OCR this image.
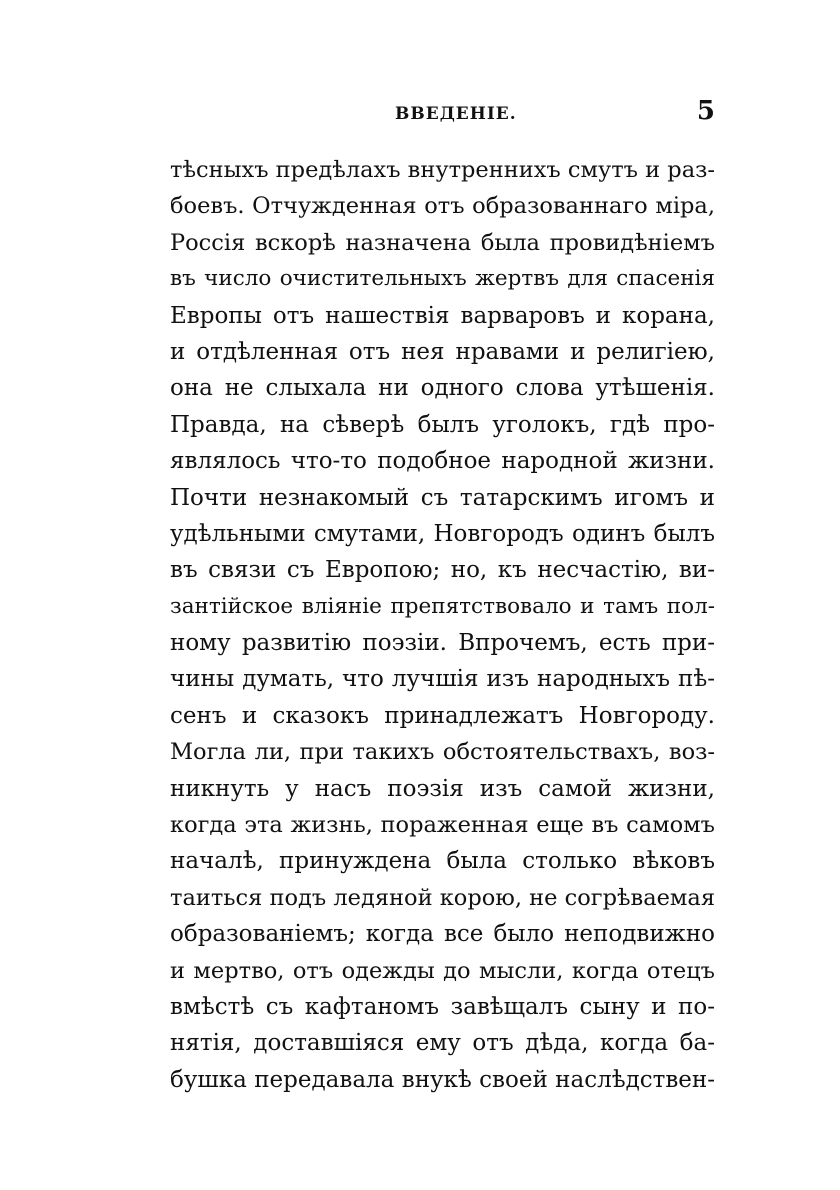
ВВЕДЕНІЕ.	5
тѣсныхъ предѣлахъ внутреннихъ смутъ и раз-
боевъ. Отчужденная отъ образованнаго міра,
Россія вскорѣ назначена была провидѣніемъ
въ число очистительныхъ жертвъ для спасенія
Европы отъ нашествія варваровъ и корана,
и отдѣленная отъ нея нравами и религіею,
она не слыхала ни одного слова утѣшенія.
Правда, на сѣверѣ былъ уголокъ, гдѣ про-
являлось что-то подобное народной жизни.
Почти незнакомый съ татарскимъ игомъ и
удѣльными смутами, Новгородъ одинъ былъ
въ связи съ Европою; но, къ несчастію, ви-
зантійское вліяніе препятствовало и тамъ пол-
ному развитію поэзіи. Впрочемъ, есть при-
чины думать, что лучшія изъ народныхъ пѣ-
сенъ и сказокъ принадлежатъ Новгороду.
Могла ли, при такихъ обстоятельствахъ, воз-
никнуть у насъ поэзія изъ самой жизни,
когда эта жизнь, пораженная еще въ самомъ
началѣ, принуждена была столько вѣковъ
таиться подъ ледяной корою, не согрѣваемая
образованіемъ; когда все было неподвижно
и мертво, отъ одежды до мысли, когда отецъ
вмѣстѣ съ кафтаномъ завѣщалъ сыну и по-
нятія, доставшіяся ему отъ дѣда, когда ба-
бушка передавала внукѣ своей наслѣдствен-
